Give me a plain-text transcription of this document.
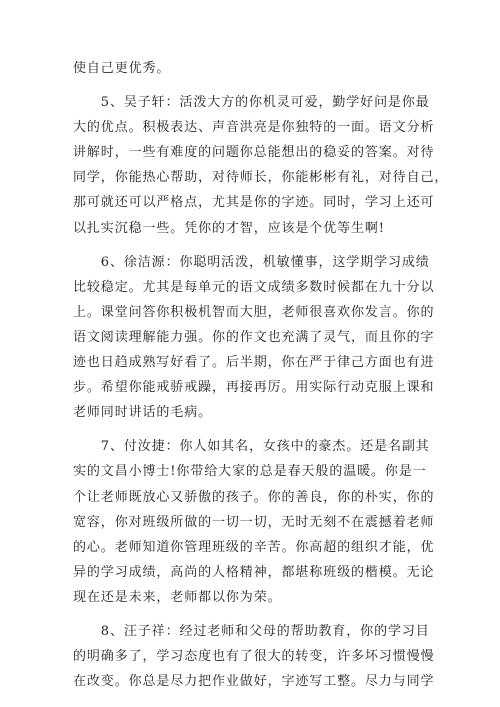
使自己更优秀。
　　5、吴子轩：活泼大方的你机灵可爱，勤学好问是你最
大的优点。积极表达、声音洪亮是你独特的一面。语文分析
讲解时，一些有难度的问题你总能想出的稳妥的答案。对待
同学，你能热心帮助，对待师长，你能彬彬有礼，对待自己，
那可就还可以严格点，尤其是你的字迹。同时，学习上还可
以扎实沉稳一些。凭你的才智，应该是个优等生啊!
　　6、徐洁源：你聪明活泼，机敏懂事，这学期学习成绩
比较稳定。尤其是每单元的语文成绩多数时候都在九十分以
上。课堂问答你积极机智而大胆，老师很喜欢你发言。你的
语文阅读理解能力强。你的作文也充满了灵气，而且你的字
迹也日趋成熟写好看了。后半期，你在严于律己方面也有进
步。希望你能戒骄戒躁，再接再厉。用实际行动克服上课和
老师同时讲话的毛病。
　　7、付汝捷：你人如其名，女孩中的豪杰。还是名副其
实的文昌小博士!你带给大家的总是春天般的温暖。你是一
个让老师既放心又骄傲的孩子。你的善良，你的朴实，你的
宽容，你对班级所做的一切一切，无时无刻不在震撼着老师
的心。老师知道你管理班级的辛苦。你高超的组织才能，优
异的学习成绩，高尚的人格精神，都堪称班级的楷模。无论
现在还是未来，老师都以你为荣。
　　8、汪子祥：经过老师和父母的帮助教育，你的学习目
的明确多了，学习态度也有了很大的转变，许多坏习惯慢慢
在改变。你总是尽力把作业做好，字迹写工整。尽力与同学
